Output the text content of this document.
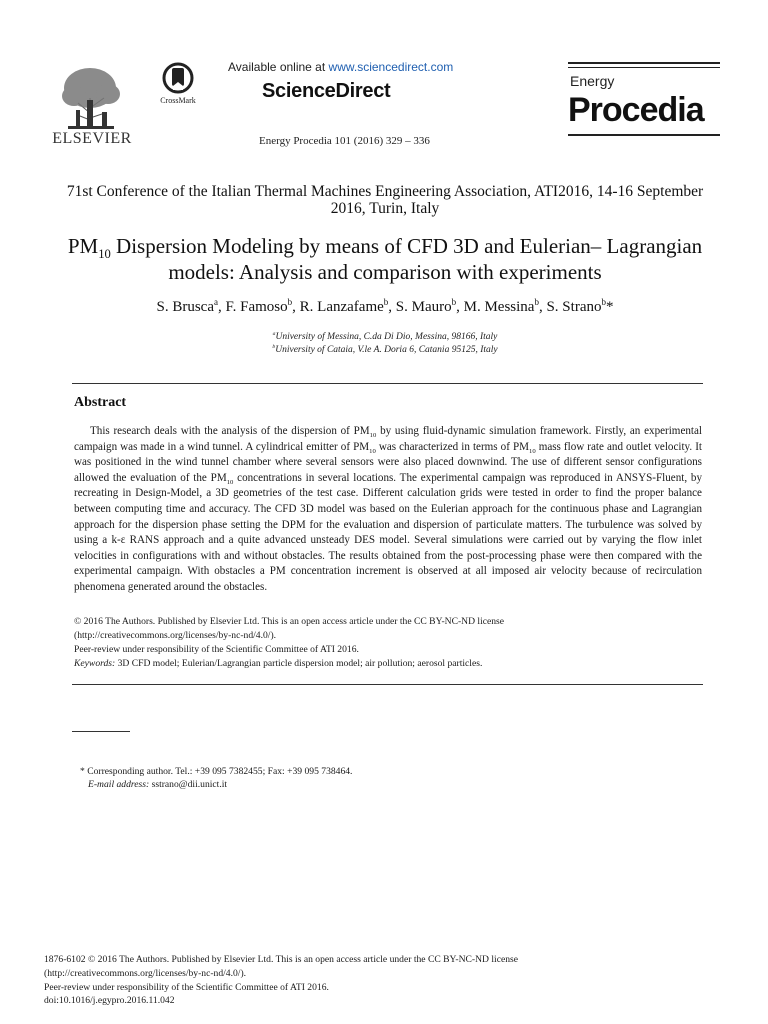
ELSEVIER
CrossMark
Available online at www.sciencedirect.com
ScienceDirect
Energy Procedia 101 (2016) 329 – 336
Energy
Procedia
71st Conference of the Italian Thermal Machines Engineering Association, ATI2016, 14-16 September 2016, Turin, Italy
$PM_{10}$ Dispersion Modeling by means of CFD 3D and Eulerian– Lagrangian models: Analysis and comparison with experiments
S. Brusca$^a$, F. Famoso$^b$, R. Lanzafame$^b$, S. Mauro$^b$, M. Messina$^b$, S. Strano$^b$*
$^a$University of Messina, C.da Di Dio, Messina, 98166, Italy
$^b$University of Cataia, V.le A. Doria 6, Catania 95125, Italy
Abstract

This research deals with the analysis of the dispersion of $PM_{10}$ by using fluid-dynamic simulation framework. Firstly, an experimental campaign was made in a wind tunnel. A cylindrical emitter of $PM_{10}$ was characterized in terms of $PM_{10}$ mass flow rate and outlet velocity. It was positioned in the wind tunnel chamber where several sensors were also placed downwind. The use of different sensor configurations allowed the evaluation of the $PM_{10}$ concentrations in several locations. The experimental campaign was reproduced in ANSYS-Fluent, by recreating in Design-Model, a 3D geometries of the test case. Different calculation grids were tested in order to find the proper balance between computing time and accuracy. The CFD 3D model was based on the Eulerian approach for the continuous phase and Lagrangian approach for the dispersion phase setting the DPM for the evaluation and dispersion of particulate matters. The turbulence was solved by using a k-ε RANS approach and a quite advanced unsteady DES model. Several simulations were carried out by varying the flow inlet velocities in configurations with and without obstacles. The results obtained from the post-processing phase were then compared with the experimental campaign. With obstacles a PM concentration increment is observed at all imposed air velocity because of recirculation phenomena generated around the obstacles.

© 2016 The Authors. Published by Elsevier Ltd. This is an open access article under the CC BY-NC-ND license
(http://creativecommons.org/licenses/by-nc-nd/4.0/).
Peer-review under responsibility of the Scientific Committee of ATI 2016.
Keywords: 3D CFD model; Eulerian/Lagrangian particle dispersion model; air pollution; aerosol particles.
* Corresponding author. Tel.: +39 095 7382455; Fax: +39 095 738464.
E-mail address: sstrano@dii.unict.it
1876-6102 © 2016 The Authors. Published by Elsevier Ltd. This is an open access article under the CC BY-NC-ND license
(http://creativecommons.org/licenses/by-nc-nd/4.0/).
Peer-review under responsibility of the Scientific Committee of ATI 2016.
doi:10.1016/j.egypro.2016.11.042
